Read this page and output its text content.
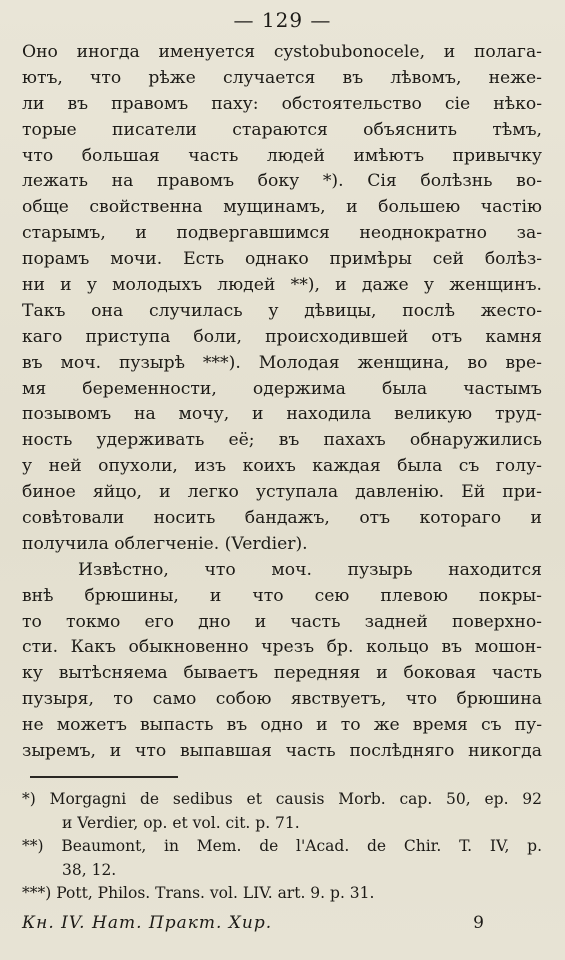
— 129 —
Оно иногда именуется cystobubonocele, и полага-
ютъ, что рѣже случается въ лѣвомъ, неже-
ли въ правомъ паху: обстоятельство сіе нѣко-
торые писатели стараются объяснить тѣмъ,
что большая часть людей имѣютъ привычку
лежать на правомъ боку *). Сія болѣзнь во-
обще свойственна мущинамъ, и большею частію
старымъ, и подвергавшимся неоднократно за-
порамъ мочи. Есть однако примѣры сей болѣз-
ни и у молодыхъ людей **), и даже у женщинъ.
Такъ она случилась у дѣвицы, послѣ жесто-
каго приступа боли, происходившей отъ камня
въ моч. пузырѣ ***). Молодая женщина, во вре-
мя беременности, одержима была частымъ
позывомъ на мочу, и находила великую труд-
ность удерживать её; въ пахахъ обнаружились
у ней опухоли, изъ коихъ каждая была съ голу-
биное яйцо, и легко уступала давленію. Ей при-
совѣтовали носить бандажъ, отъ котораго и
получила облегченіе. (Verdier).
Извѣстно, что моч. пузырь находится
внѣ брюшины, и что сею плевою покры-
то токмо его дно и часть задней поверхно-
сти. Какъ обыкновенно чрезъ бр. кольцо въ мошон-
ку вытѣсняема бываетъ передняя и боковая часть
пузыря, то само собою явствуетъ, что брюшина
не можетъ выпасть въ одно и то же время съ пу-
зыремъ, и что выпавшая часть послѣдняго никогда
*) Morgagni de sedibus et causis Morb. cap. 50, ep. 92
и Verdier, op. et vol. cit. p. 71.
**) Beaumont, in Mem. de l'Acad. de Chir. T. IV, p.
38, 12.
***) Pott, Philos. Trans. vol. LIV. art. 9. p. 31.
Кн. IV. Нат. Практ. Хир.	9
